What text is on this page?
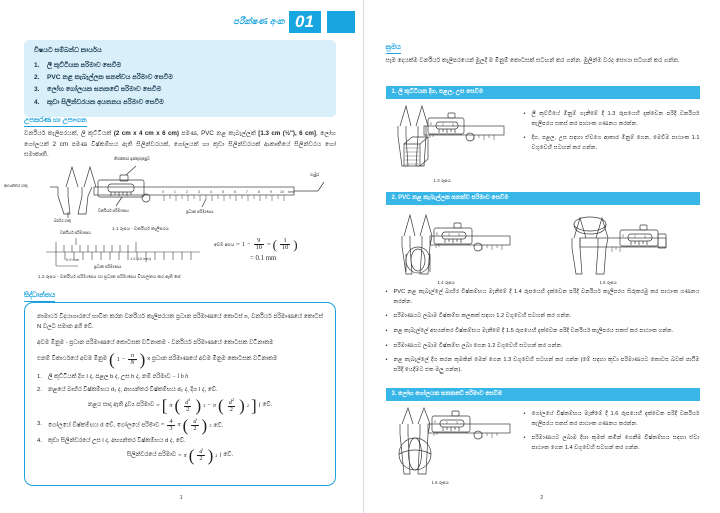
පරීක්ෂණ අංක 01
විෂයට සම්බන්ධ කාර්යය
1.	ලී කුට්ටියක පරිමාව සෙවීම
2.	PVC නළ කැබැල්ලක ඝනත්වය පරිමාව සෙවීම
3.	ලෝහ ගෝලයක ඝනකඩේ පරිමාව සෙවීම
4.	කුඩා සිලින්ඩරයක අයතනය පරිමාව සෙවීම
උපකරණ හා උපාංගන
වර්නියර් කැලිපරයක්, ලී කුට්ටියක් (2 cm x 4 cm x 6 cm) පමණ, PVC නළ කැබැල්ලක් [1.3 cm (½"), 6 cm], ලෝහ ගෝලයක් 2 cm පමණ විෂ්කම්භය ඇති සිලින්ඩරයක්, ගෝලයක් හා කුඩා සිලින්ඩරයක් ආකෘතියේ සිලින්ඩරය හෝ සමාකෘති.
0	1	2	3	4	5	6	7	8	9 10 mm
අභ්‍යන්තර හකු
තිරස්කාර ඉස්කුරුප්පුව
ගැඹුර
බාහිර හකු
වර්නියර් පරිමාණය	ප්‍රධාන පරිමාණය
1.1 රූපය - වර්නියර් කැලිපරය
වර්නියර් පරිමාණය
ප්‍රධාන පරිමාණය
0.9 mm	1.0 (10 mm)
1.2 රූපය - වර්නියර් පරිමාණය හා ප්‍රධාන පරිමාණය විශාලනය කර ඇති සේ
අවම අගය = $1 - \frac{9}{10}$ = ( $\frac{1}{10}$ )
= 0.1 mm
සිද්ධාන්තය

නාමාර්ථ විදයාගාරයේ භාවිත කරන වර්නියර් කැලිපරයක ප්‍රධාන පරිමාණයේ කොටස් n, වර්නියර් පරිමාණයේ කොටස් N වලට සමාන අගී වේ.

අවම මිනුම - ප්‍රධාන පරිමාණයේ කොටසක වටිනාකම - වර්නියර් පරිමාණයේ කොටසක වටිනාකම

එනම් විකාර්ථයේ අවම මිනුම ( $1 - \frac{n}{N}$ ) x ප්‍රධාන පරිමාණයේ අවම මිනුම කොටසක වටිනාකම
1.	ලී කුට්ටියක් දිග l ද, පළල b ද, උස h ද, නම් පරිමාව − l b h
2.	නළයේ බාහිර විෂ්කම්භය d₁ ද, අභ්‍යන්තර විෂ්කම්භය d₂ ද, දිග l ද, වේ.
නළය සාදා ඇති ද්‍රව්‍ය පරිමාව = [ π ( $\frac{d^1}{2}$ ) 2 − π ( $\frac{d^2}{2}$ ) 2 ] l වේ.
3.	ගෝලයේ විෂ්කම්භය d වේ, ගෝලයේ පරිමාව = $\frac{4}{3}$ π ( $\frac{d}{2}$ ) 3 වේ.
4.	කුඩා සිලින්ඩරයේ උස l ද, අභ්‍යන්තර විෂ්කම්භය d ද, වේ.
සිලින්ඩරයේ පරිමාව = π ( $\frac{d}{2}$ ) 2 l වේ.
1
ක්‍රමය
සෑම දෙයක්ම වර්නියර් කැලිපරයෙන් මුලදී ම මිනුම් කොටසක් සටහන් කර ගන්න. මුලින්ම වරද සොයා සටහන් කර ගන්න.
1. ලී කුට්ටියක දිග, පළල, උස සෙවීම
0	2	3
1.3 රූපය
•	ලී කුට්ටියේ මිනුම් ගැනීමේ දී 1.3 රූපයෙහි දැක්වෙන පරිදි වර්නියර් කැලිපරය සකස් කර පාඨාංක ගණනය කරන්න.
•	දිග, පළල, උස සඳහා ඒවගෙ ආකාර මිනුම් ගෙන, මෙවිම පාඨාංක 1.1 වගුවෙහි සටහන් කර ගන්න.
2. PVC නළ කැබැල්ලක ඝනත්ව පරිමාව සෙවීම
0	2	3
1.4 රූපය
0	2	3
1.5 රූපය
•	PVC නළ කැබැල්ලේ බාහිර විෂ්කම්භය මැනීමේ දී 1.4 රූපයෙහි දැක්වෙන පරිදි වර්නියර් කැලිපරය සිරුකරමු කර පාඨාංක ගණනය කරන්න.
•	පරිමාණයට ලබාම විෂ්කම්භ කලකක් සඳහා 1.2 වගුවෙහි සටහන් කර ගන්න.
•	නළ කැබැල්ලේ අභ්‍යන්තර විෂ්කම්භය මැනීමේ දී 1.5 රූපයෙහි දැක්වෙන පරිදි වර්නියර් කැලිපරය සකස් කර පාඨාංක ගන්න.
•	පරිමාණයට ලබාම විෂ්කම්භ ලබා ගෙන 1.2 වගුවෙහි සටහන් කර ගන්න.
•	නළ කැබැල්ලේ දිග කරන කුමකින් මෙන් ගෙන 1.3 වගුවෙහි සටහන් කර ගන්න (මේ සඳහා කුඩා පරිමාණයට කොටස බවක් පාඨීම පරිදි යෙදීමට එක මලු ගන්න).
3. ලෝහ ගෝලයක ඝනකඩේ පරිමාව සෙවීම
0	2	3
1.6 රූපය
•	ගෝලයේ විෂ්කම්භය මැනීමේ දී 1.6 රූපයෙහි දැක්වෙන පරිදි වර්නියර් කැලිපරය සකස් කර පාඨාංක ගණනය කරන්න.
•	පරිමාණයට ලබාම දිශා කුමක් කමින් ගෙනීම විෂ්කම්භය සඳහා ඒවා පාඨාංක ගෙන 1.4 වගුවෙහි සටහන් කර ගන්න.
2
